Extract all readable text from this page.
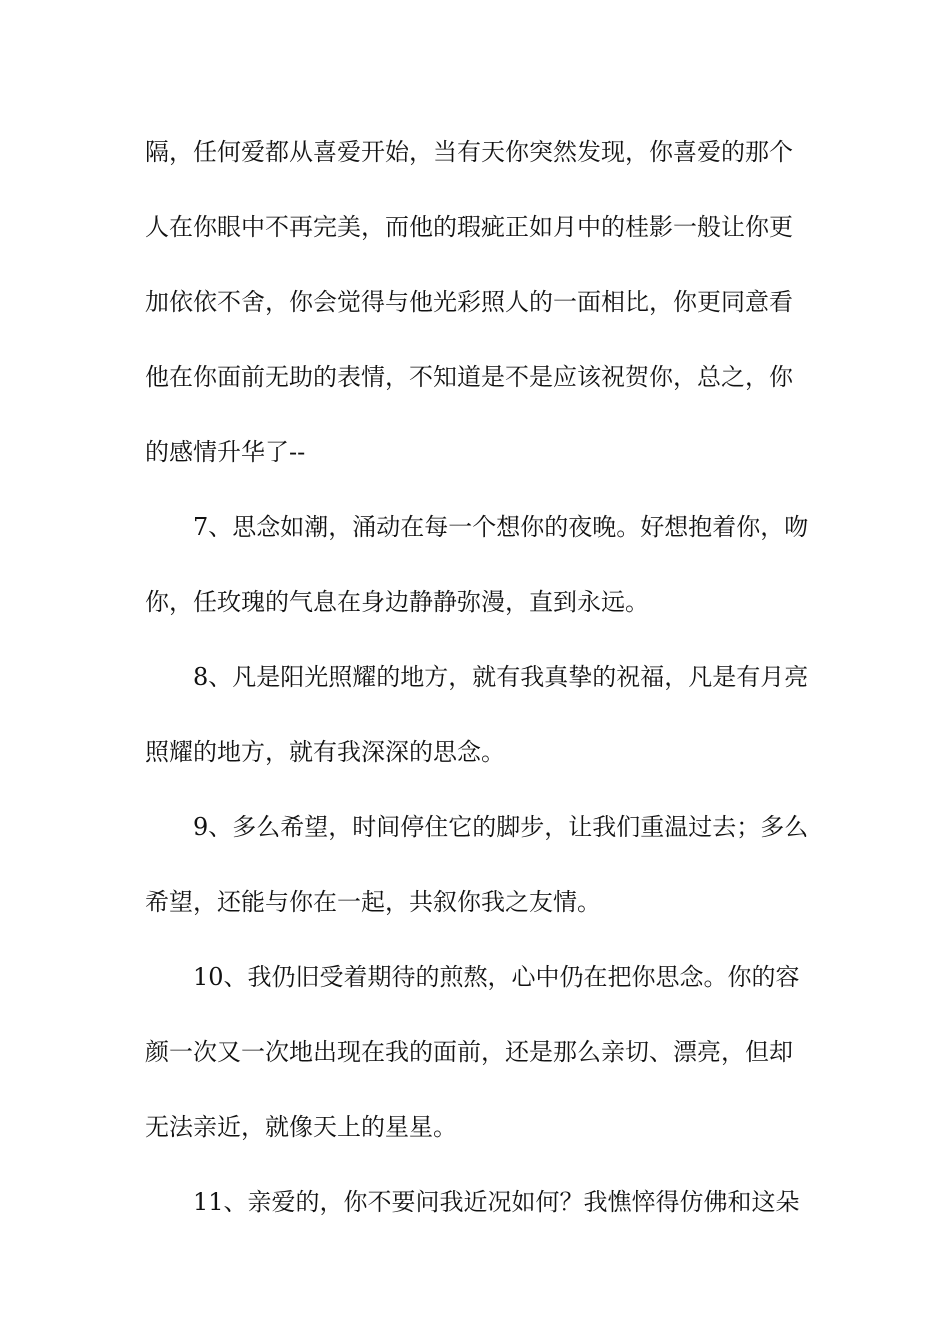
隔，任何爱都从喜爱开始，当有天你突然发现，你喜爱的那个

人在你眼中不再完美，而他的瑕疵正如月中的桂影一般让你更

加依依不舍，你会觉得与他光彩照人的一面相比，你更同意看

他在你面前无助的表情，不知道是不是应该祝贺你，总之，你

的感情升华了--

7、思念如潮，涌动在每一个想你的夜晚。好想抱着你，吻

你，任玫瑰的气息在身边静静弥漫，直到永远。

8、凡是阳光照耀的地方，就有我真挚的祝福，凡是有月亮

照耀的地方，就有我深深的思念。

9、多么希望，时间停住它的脚步，让我们重温过去；多么

希望，还能与你在一起，共叙你我之友情。

10、我仍旧受着期待的煎熬，心中仍在把你思念。你的容

颜一次又一次地出现在我的面前，还是那么亲切、漂亮，但却

无法亲近，就像天上的星星。

11、亲爱的，你不要问我近况如何？我憔悴得仿佛和这朵
